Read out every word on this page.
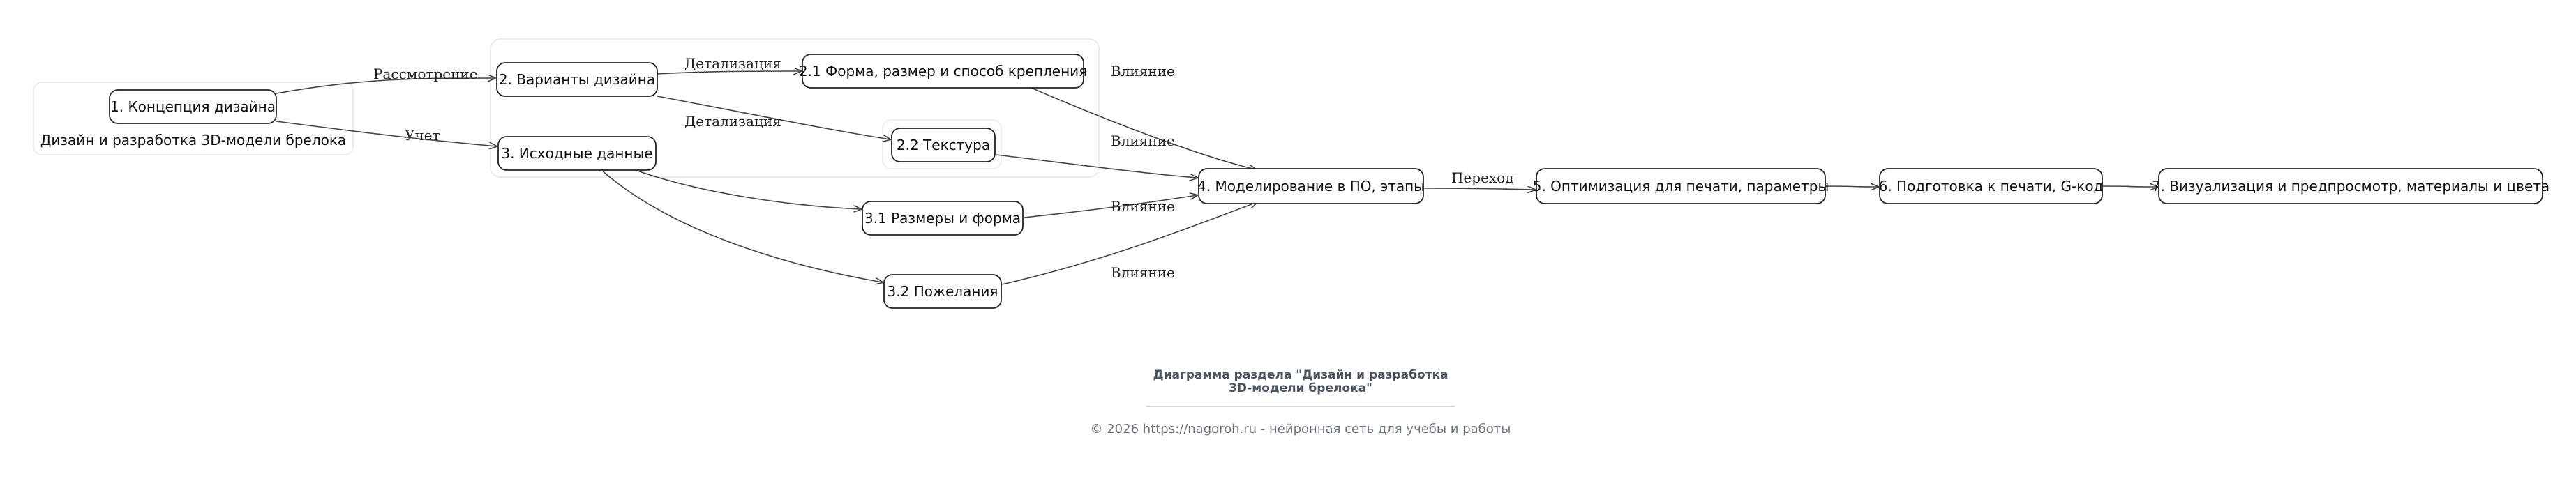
Дизайн и разработка 3D-модели брелока
Рассмотрение
Учет
Детализация
Детализация
Влияние
Влияние
Влияние
Влияние
Переход
1. Концепция дизайна
2. Варианты дизайна
3. Исходные данные
2.1 Форма, размер и способ крепления
2.2 Текстура
3.1 Размеры и форма
3.2 Пожелания
4. Моделирование в ПО, этапы	5. Оптимизация для печати, параметры	6. Подготовка к печати, G-код	7. Визуализация и предпросмотр, материалы и цвета
Диаграмма раздела "Дизайн и разработка
3D-модели брелока"
© 2026 https://nagoroh.ru - нейронная сеть для учебы и работы
